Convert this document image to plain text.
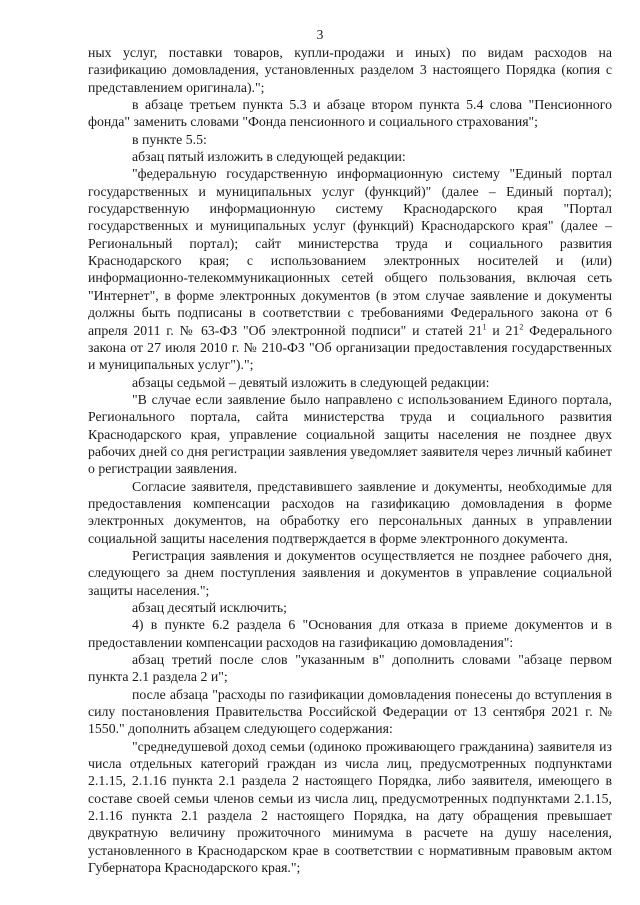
3

ных услуг, поставки товаров, купли-продажи и иных) по видам расходов на газификацию домовладения, установленных разделом 3 настоящего Порядка (копия с представлением оригинала).";

в абзаце третьем пункта 5.3 и абзаце втором пункта 5.4 слова "Пенсионного фонда" заменить словами "Фонда пенсионного и социального страхования";

в пункте 5.5:

абзац пятый изложить в следующей редакции:

"федеральную государственную информационную систему "Единый портал государственных и муниципальных услуг (функций)" (далее – Единый портал); государственную информационную систему Краснодарского края "Портал государственных и муниципальных услуг (функций) Краснодарского края" (далее – Региональный портал); сайт министерства труда и социального развития Краснодарского края; с использованием электронных носителей и (или) информационно-телекоммуникационных сетей общего пользования, включая сеть "Интернет", в форме электронных документов (в этом случае заявление и документы должны быть подписаны в соответствии с требованиями Федерального закона от 6 апреля 2011 г. № 63-ФЗ "Об электронной подписи" и статей $21^1$ и $21^2$ Федерального закона от 27 июля 2010 г. № 210-ФЗ "Об организации предоставления государственных и муниципальных услуг").";

абзацы седьмой – девятый изложить в следующей редакции:

"В случае если заявление было направлено с использованием Единого портала, Регионального портала, сайта министерства труда и социального развития Краснодарского края, управление социальной защиты населения не позднее двух рабочих дней со дня регистрации заявления уведомляет заявителя через личный кабинет о регистрации заявления.

Согласие заявителя, представившего заявление и документы, необходимые для предоставления компенсации расходов на газификацию домовладения в форме электронных документов, на обработку его персональных данных в управлении социальной защиты населения подтверждается в форме электронного документа.

Регистрация заявления и документов осуществляется не позднее рабочего дня, следующего за днем поступления заявления и документов в управление социальной защиты населения.";

абзац десятый исключить;

4) в пункте 6.2 раздела 6 "Основания для отказа в приеме документов и в предоставлении компенсации расходов на газификацию домовладения":

абзац третий после слов "указанным в" дополнить словами "абзаце первом пункта 2.1 раздела 2 и";

после абзаца "расходы по газификации домовладения понесены до вступления в силу постановления Правительства Российской Федерации от 13 сентября 2021 г. № 1550." дополнить абзацем следующего содержания:

"среднедушевой доход семьи (одиноко проживающего гражданина) заявителя из числа отдельных категорий граждан из числа лиц, предусмотренных подпунктами 2.1.15, 2.1.16 пункта 2.1 раздела 2 настоящего Порядка, либо заявителя, имеющего в составе своей семьи членов семьи из числа лиц, предусмотренных подпунктами 2.1.15, 2.1.16 пункта 2.1 раздела 2 настоящего Порядка, на дату обращения превышает двукратную величину прожиточного минимума в расчете на душу населения, установленного в Краснодарском крае в соответствии с нормативным правовым актом Губернатора Краснодарского края.";
